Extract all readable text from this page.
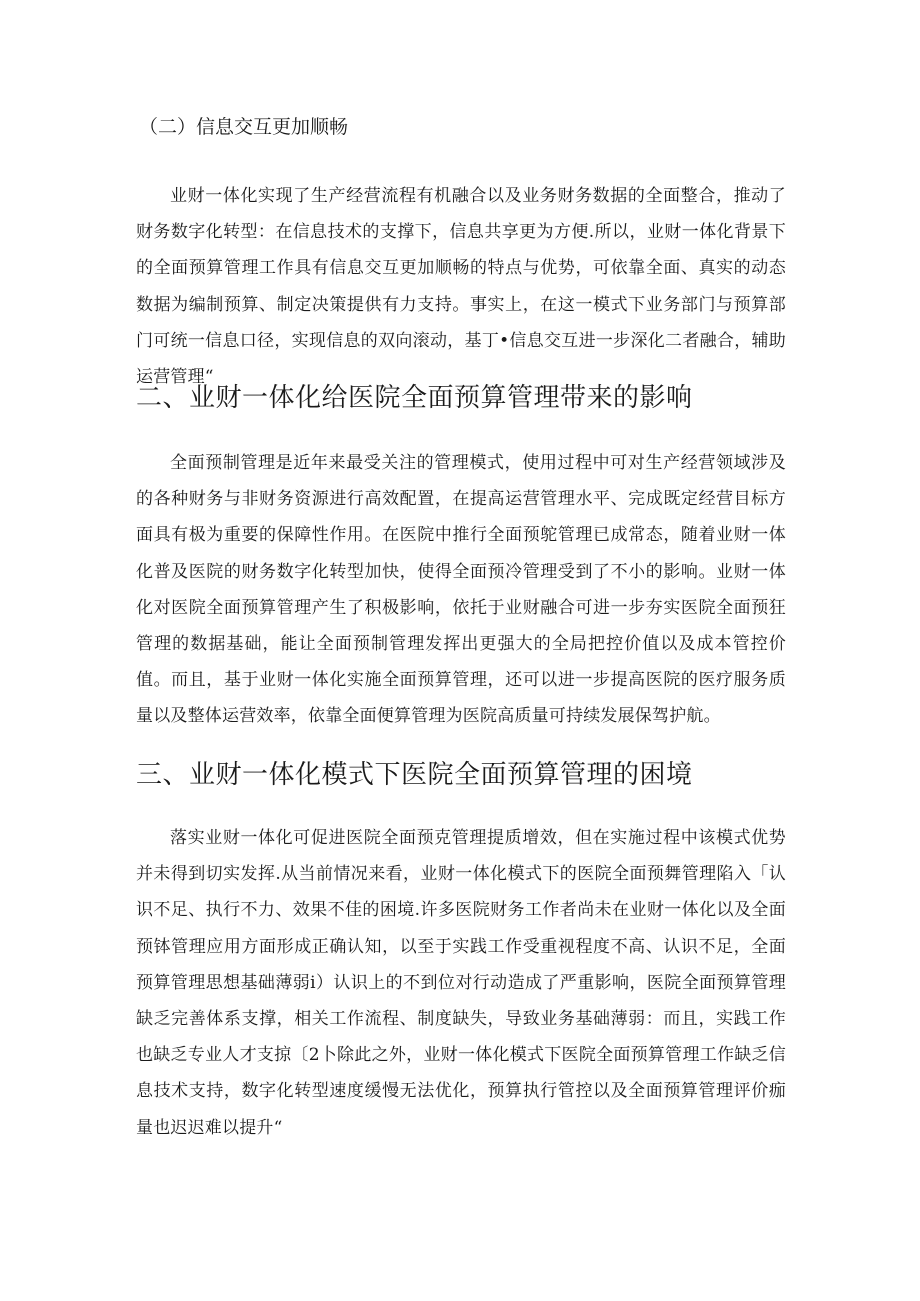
（二）信息交互更加顺畅

业财一体化实现了生产经营流程有机融合以及业务财务数据的全面整合，推动了财务数字化转型：在信息技术的支撑下，信息共享更为方便.所以，业财一体化背景下的全面预算管理工作具有信息交互更加顺畅的特点与优势，可依靠全面、真实的动态数据为编制预算、制定决策提供有力支持。事实上，在这一模式下业务部门与预算部门可统一信息口径，实现信息的双向滚动，基丁•信息交互进一步深化二者融合，辅助运营管理“

二、业财一体化给医院全面预算管理带来的影响

全面预制管理是近年来最受关注的管理模式，使用过程中可对生产经营领域涉及的各种财务与非财务资源进行高效配置，在提高运营管理水平、完成既定经营目标方面具有极为重要的保障性作用。在医院中推行全面预鸵管理已成常态，随着业财一体化普及医院的财务数字化转型加快，使得全面预冷管理受到了不小的影响。业财一体化对医院全面预算管理产生了积极影响，依托于业财融合可进一步夯实医院全面预狂管理的数据基础，能让全面预制管理发挥出更强大的全局把控价值以及成本管控价值。而且，基于业财一体化实施全面预算管理，还可以进一步提高医院的医疗服务质量以及整体运营效率，依靠全面便算管理为医院高质量可持续发展保驾护航。

三、业财一体化模式下医院全面预算管理的困境

落实业财一体化可促进医院全面预克管理提质增效，但在实施过程中该模式优势并未得到切实发挥.从当前情况来看，业财一体化模式下的医院全面预舞管理陷入「认识不足、执行不力、效果不佳的困境.许多医院财务工作者尚未在业财一体化以及全面预钵管理应用方面形成正确认知，以至于实践工作受重视程度不高、认识不足，全面预算管理思想基础薄弱i）认识上的不到位对行动造成了严重影响，医院全面预算管理缺乏完善体系支撑，相关工作流程、制度缺失，导致业务基础薄弱：而且，实践工作也缺乏专业人才支掠〔2卜除此之外，业财一体化模式下医院全面预算管理工作缺乏信息技术支持，数字化转型速度缓慢无法优化，预算执行管控以及全面预算管理评价痂量也迟迟难以提升“
